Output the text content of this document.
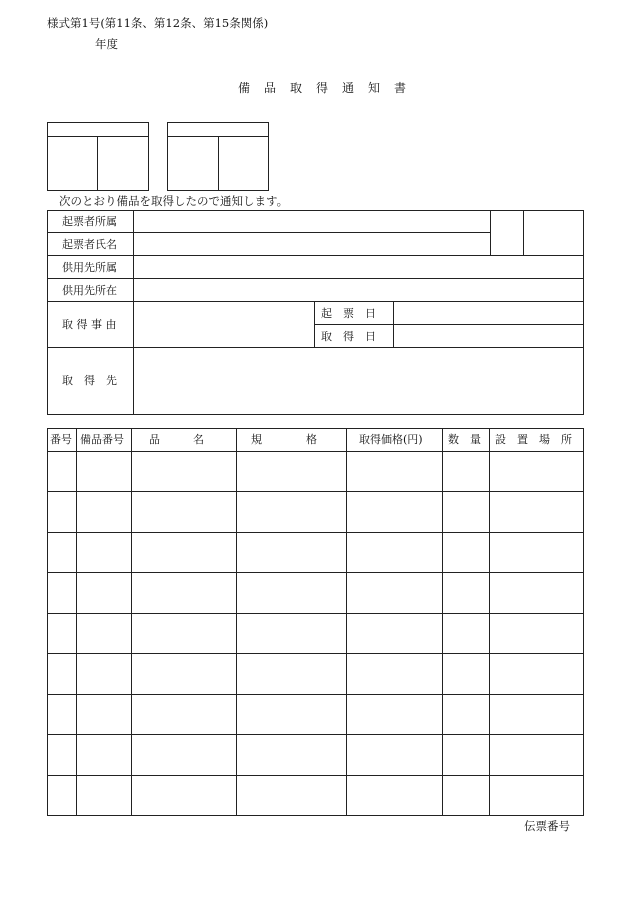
様式第1号(第11条、第12条、第15条関係)
年度
備　品　取　得　通　知　書
次のとおり備品を取得したので通知します。
起票者所属
起票者氏名
供用先所属
供用先所在
取 得 事 由
起　票　日
取　得　日
取　得　先
番号 備品番号 品　　　名	規　　　　格	取得価格(円) 数　量 設　置　場　所
伝票番号
